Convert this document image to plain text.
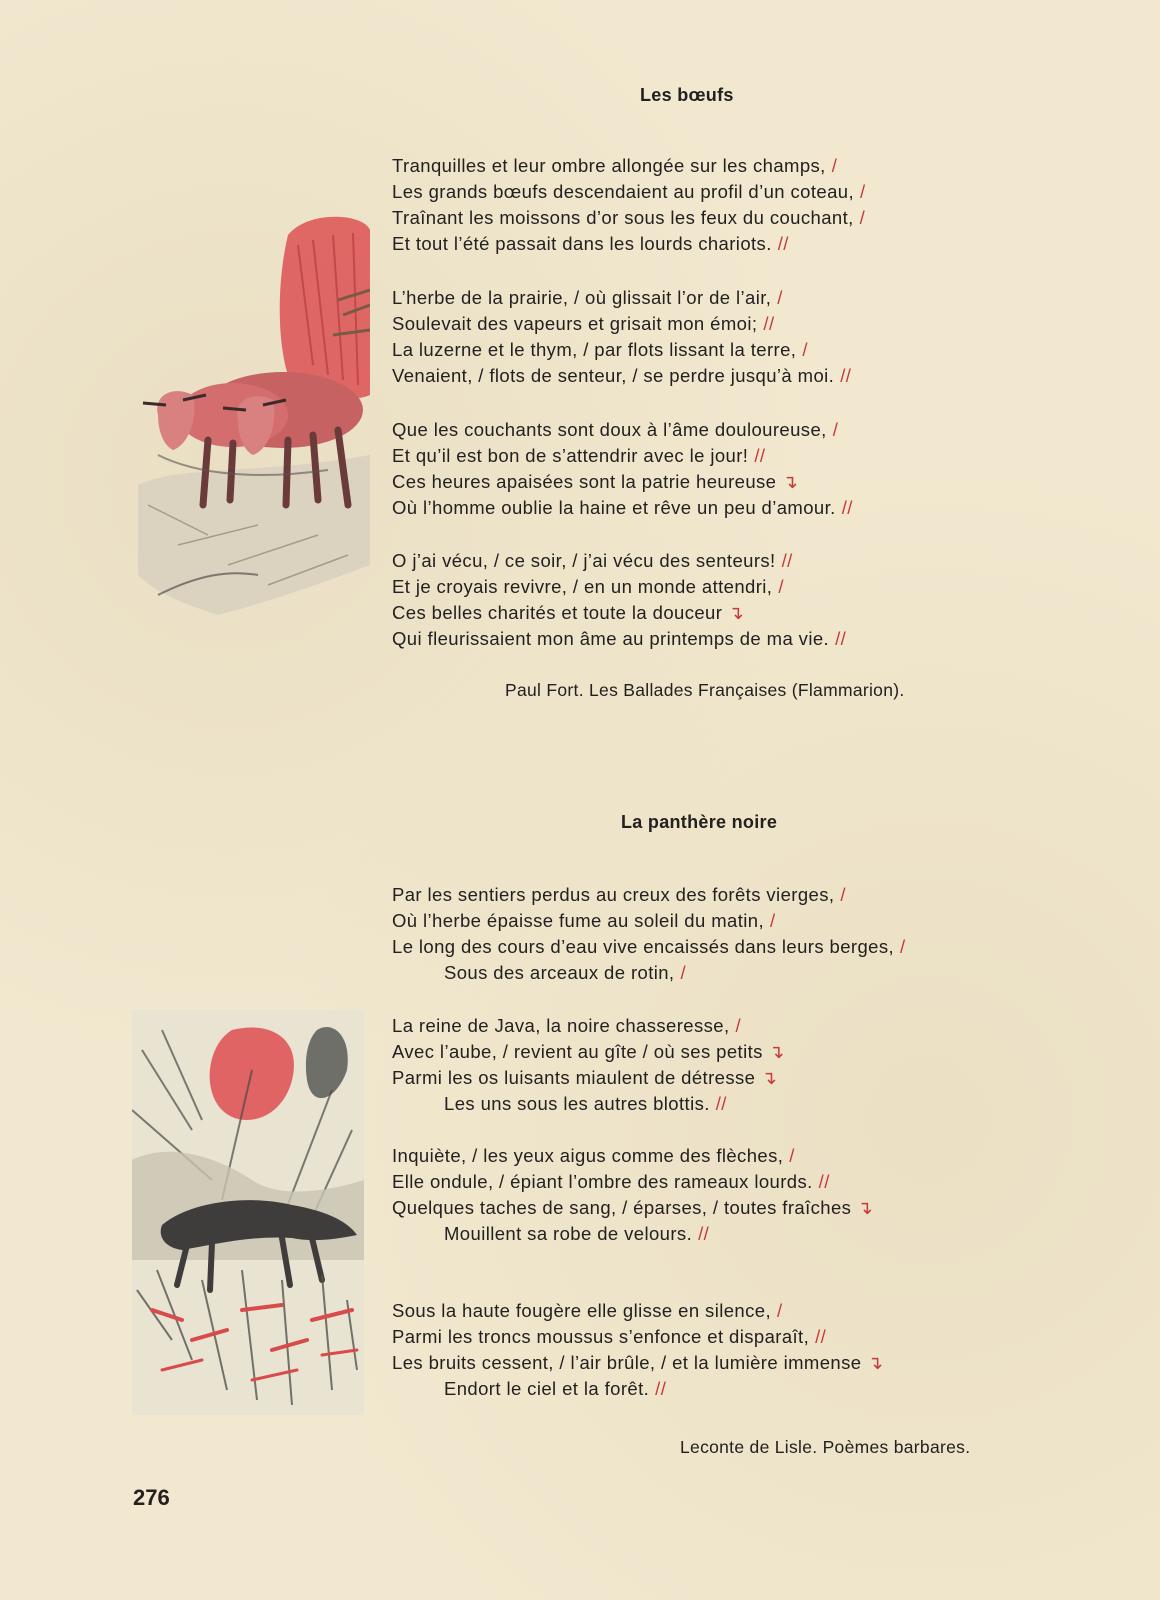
Les bœufs
Tranquilles et leur ombre allongée sur les champs, /
Les grands bœufs descendaient au profil d’un coteau, /
Traînant les moissons d’or sous les feux du couchant, /
Et tout l’été passait dans les lourds chariots. //
L’herbe de la prairie, / où glissait l’or de l’air, /
Soulevait des vapeurs et grisait mon émoi; //
La luzerne et le thym, / par flots lissant la terre, /
Venaient, / flots de senteur, / se perdre jusqu’à moi. //
Que les couchants sont doux à l’âme douloureuse, /
Et qu’il est bon de s’attendrir avec le jour! //
Ces heures apaisées sont la patrie heureuse ↴
Où l’homme oublie la haine et rêve un peu d’amour. //
O j’ai vécu, / ce soir, / j’ai vécu des senteurs! //
Et je croyais revivre, / en un monde attendri, /
Ces belles charités et toute la douceur ↴
Qui fleurissaient mon âme au printemps de ma vie. //
Paul Fort. Les Ballades Françaises (Flammarion).
La panthère noire
Par les sentiers perdus au creux des forêts vierges, /
Où l’herbe épaisse fume au soleil du matin, /
Le long des cours d’eau vive encaissés dans leurs berges, /
Sous des arceaux de rotin, /
La reine de Java, la noire chasseresse, /
Avec l’aube, / revient au gîte / où ses petits ↴
Parmi les os luisants miaulent de détresse ↴
Les uns sous les autres blottis. //
Inquiète, / les yeux aigus comme des flèches, /
Elle ondule, / épiant l’ombre des rameaux lourds. //
Quelques taches de sang, / éparses, / toutes fraîches ↴
Mouillent sa robe de velours. //
Sous la haute fougère elle glisse en silence, /
Parmi les troncs moussus s’enfonce et disparaît, //
Les bruits cessent, / l’air brûle, / et la lumière immense ↴
Endort le ciel et la forêt. //
Leconte de Lisle. Poèmes barbares.
276
